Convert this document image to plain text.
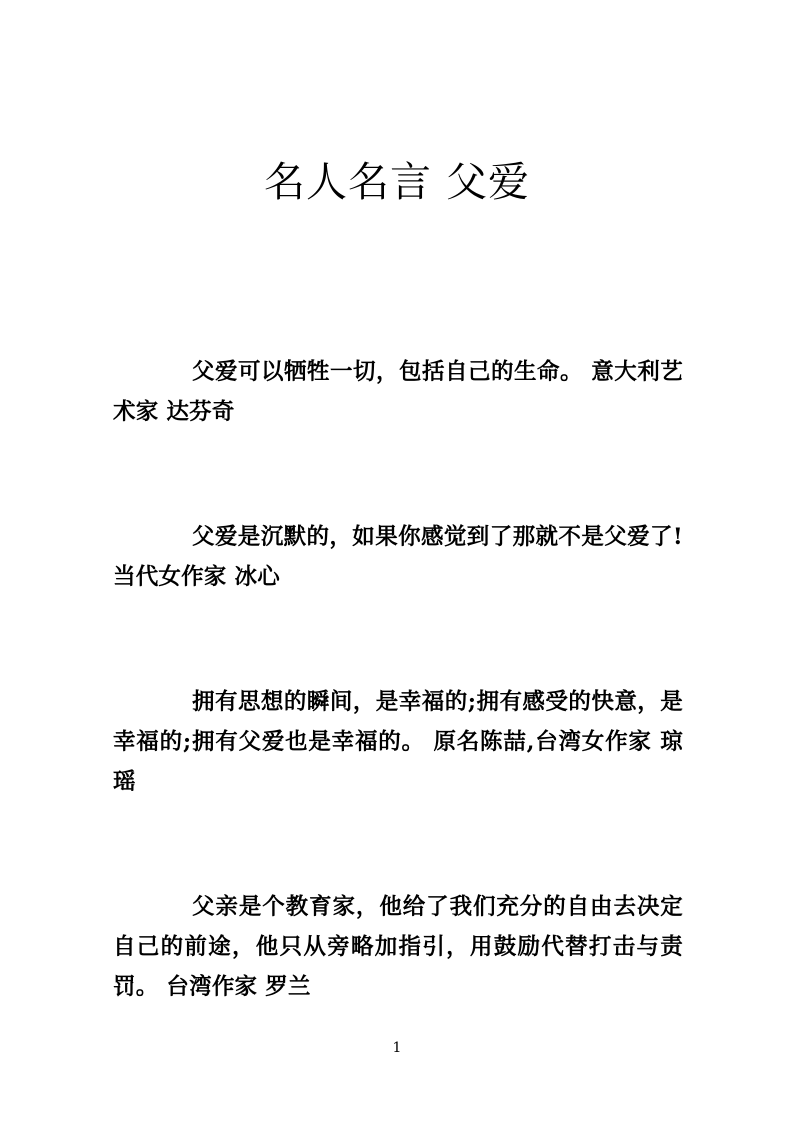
名人名言 父爱

父爱可以牺牲一切，包括自己的生命。 意大利艺术家 达芬奇

父爱是沉默的，如果你感觉到了那就不是父爱了! 当代女作家 冰心

拥有思想的瞬间，是幸福的;拥有感受的快意，是幸福的;拥有父爱也是幸福的。 原名陈喆,台湾女作家 琼瑶

父亲是个教育家，他给了我们充分的自由去决定自己的前途，他只从旁略加指引，用鼓励代替打击与责罚。 台湾作家 罗兰

1
